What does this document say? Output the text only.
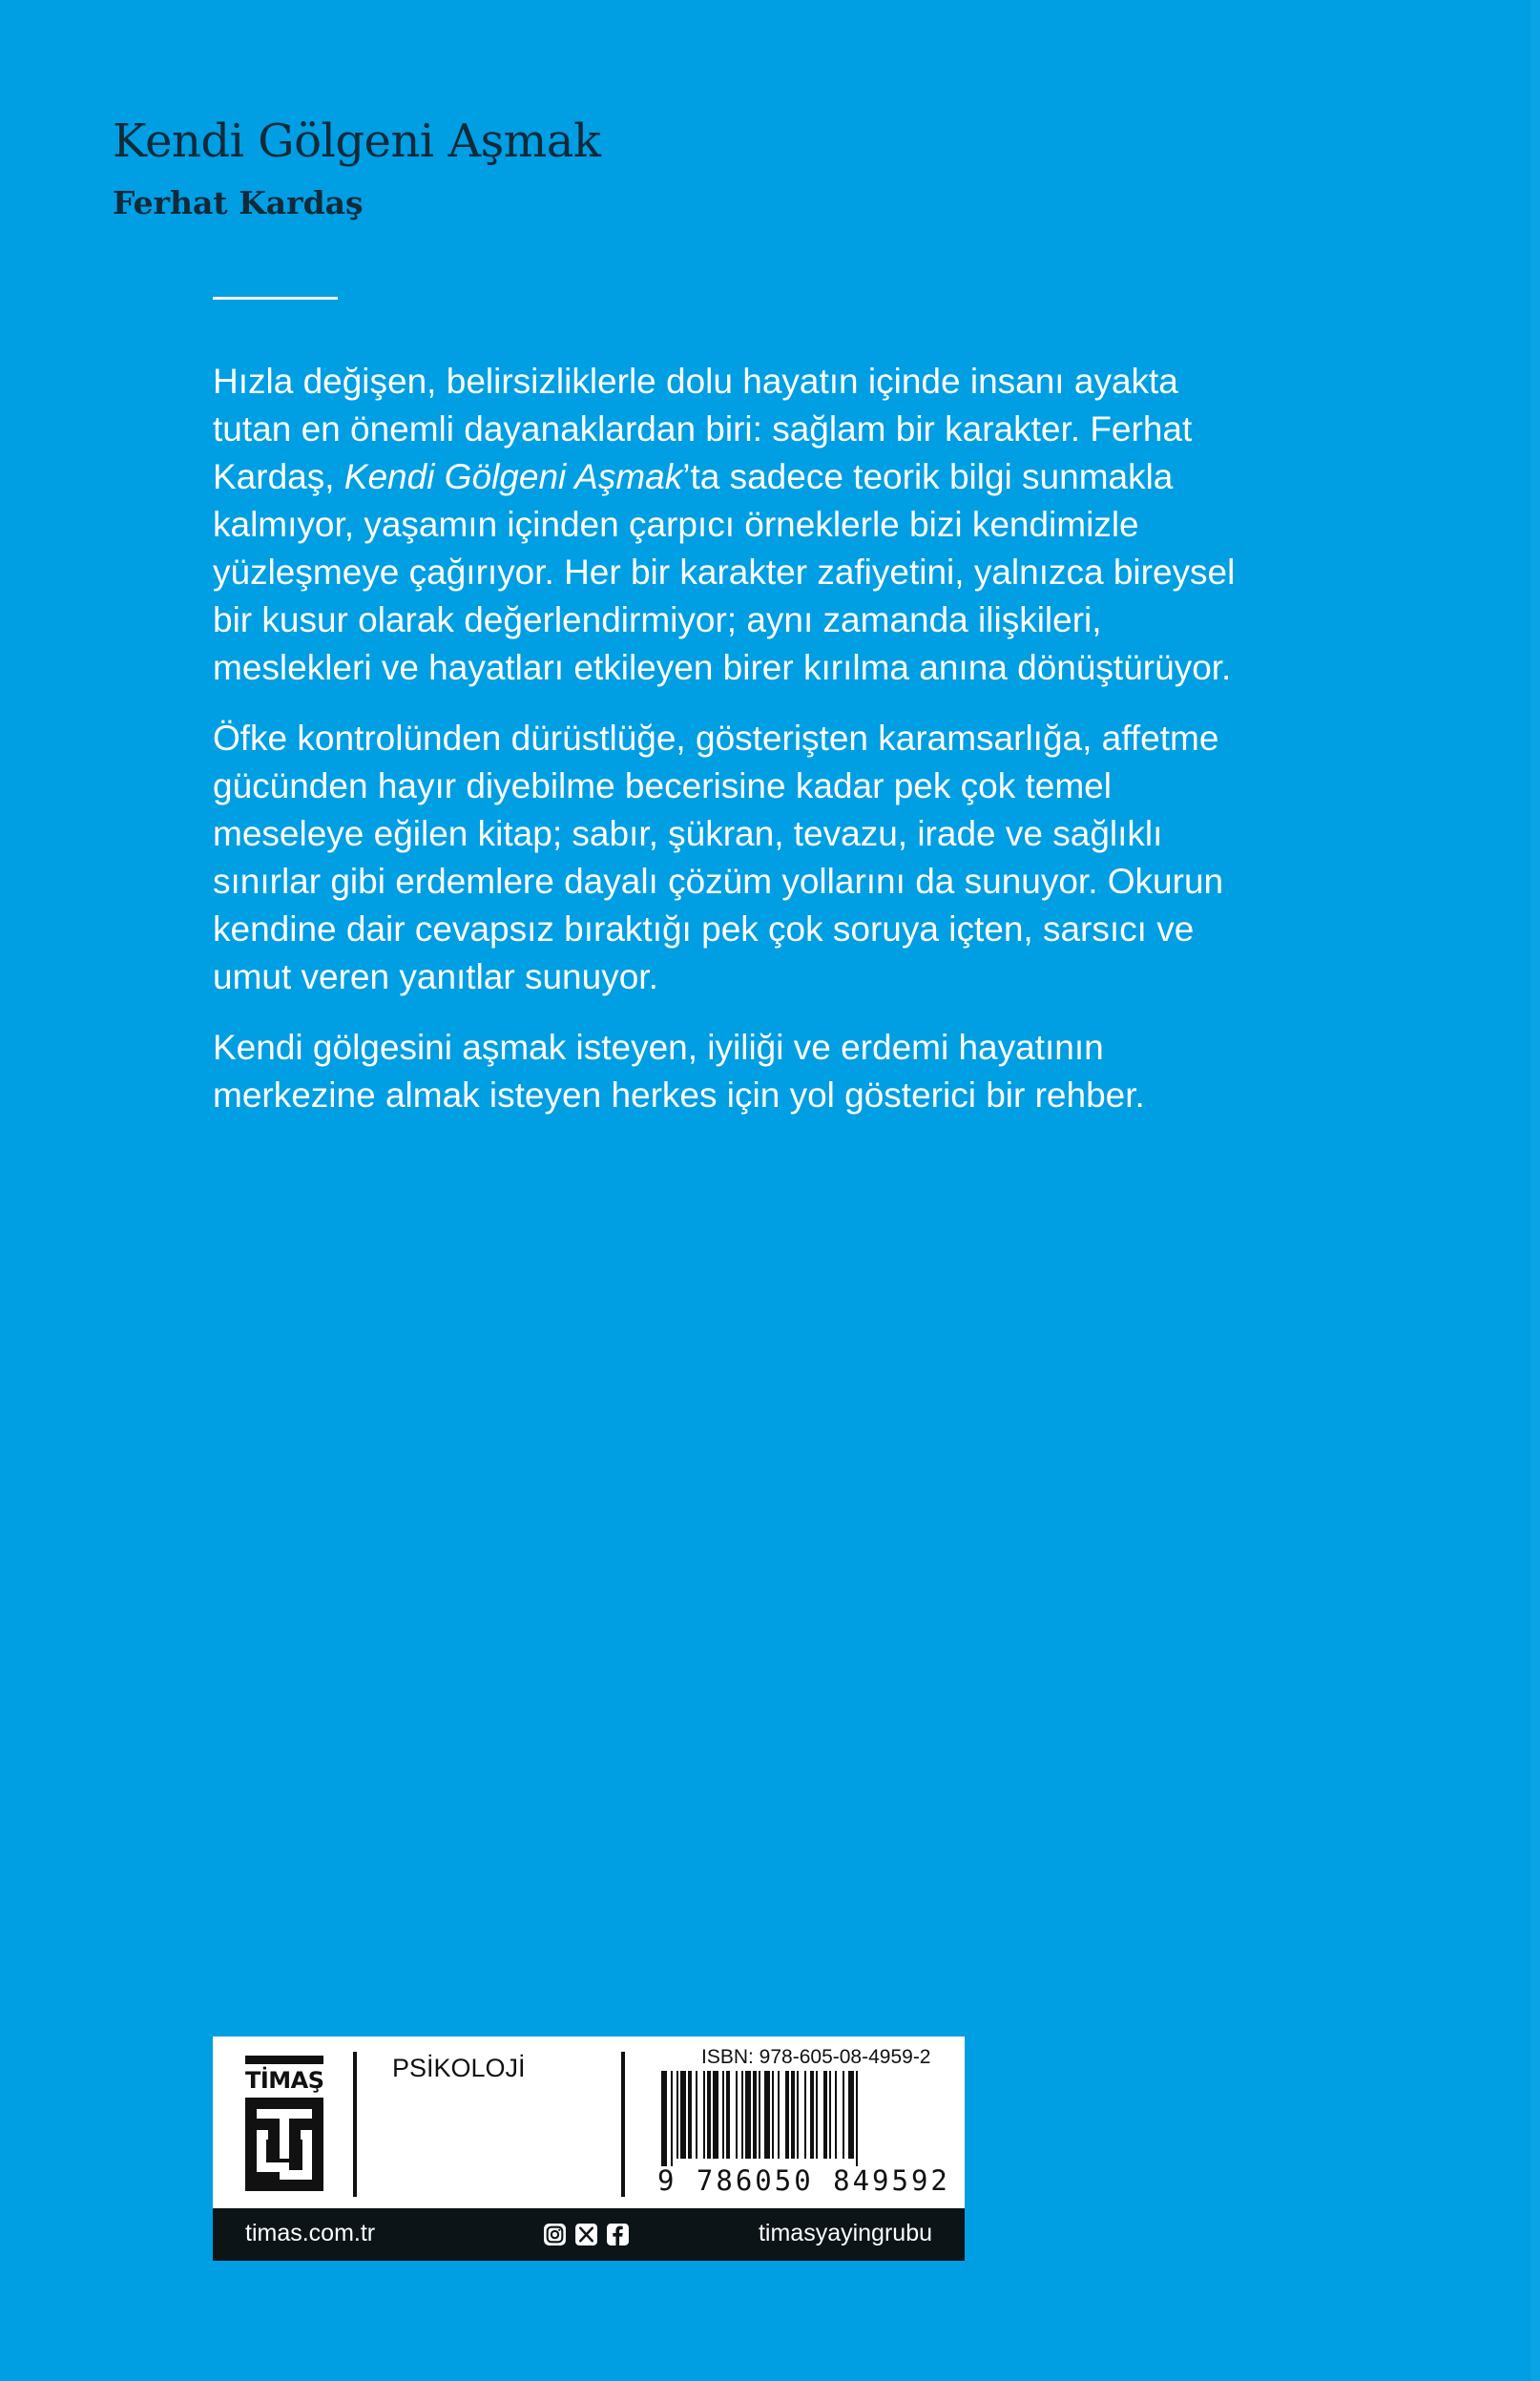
Kendi Gölgeni Aşmak
Ferhat Kardaş

Hızla değişen, belirsizliklerle dolu hayatın içinde insanı ayakta
tutan en önemli dayanaklardan biri: sağlam bir karakter. Ferhat
Kardaş, Kendi Gölgeni Aşmak’ta sadece teorik bilgi sunmakla
kalmıyor, yaşamın içinden çarpıcı örneklerle bizi kendimizle
yüzleşmeye çağırıyor. Her bir karakter zafiyetini, yalnızca bireysel
bir kusur olarak değerlendirmiyor; aynı zamanda ilişkileri,
meslekleri ve hayatları etkileyen birer kırılma anına dönüştürüyor.

Öfke kontrolünden dürüstlüğe, gösterişten karamsarlığa, affetme
gücünden hayır diyebilme becerisine kadar pek çok temel
meseleye eğilen kitap; sabır, şükran, tevazu, irade ve sağlıklı
sınırlar gibi erdemlere dayalı çözüm yollarını da sunuyor. Okurun
kendine dair cevapsız bıraktığı pek çok soruya içten, sarsıcı ve
umut veren yanıtlar sunuyor.

Kendi gölgesini aşmak isteyen, iyiliği ve erdemi hayatının
merkezine almak isteyen herkes için yol gösterici bir rehber.

TİMAŞ	PSİKOLOJİ	ISBN: 978-605-08-4959-2
9 786050 849592
timas.com.tr	timasyayingrubu
